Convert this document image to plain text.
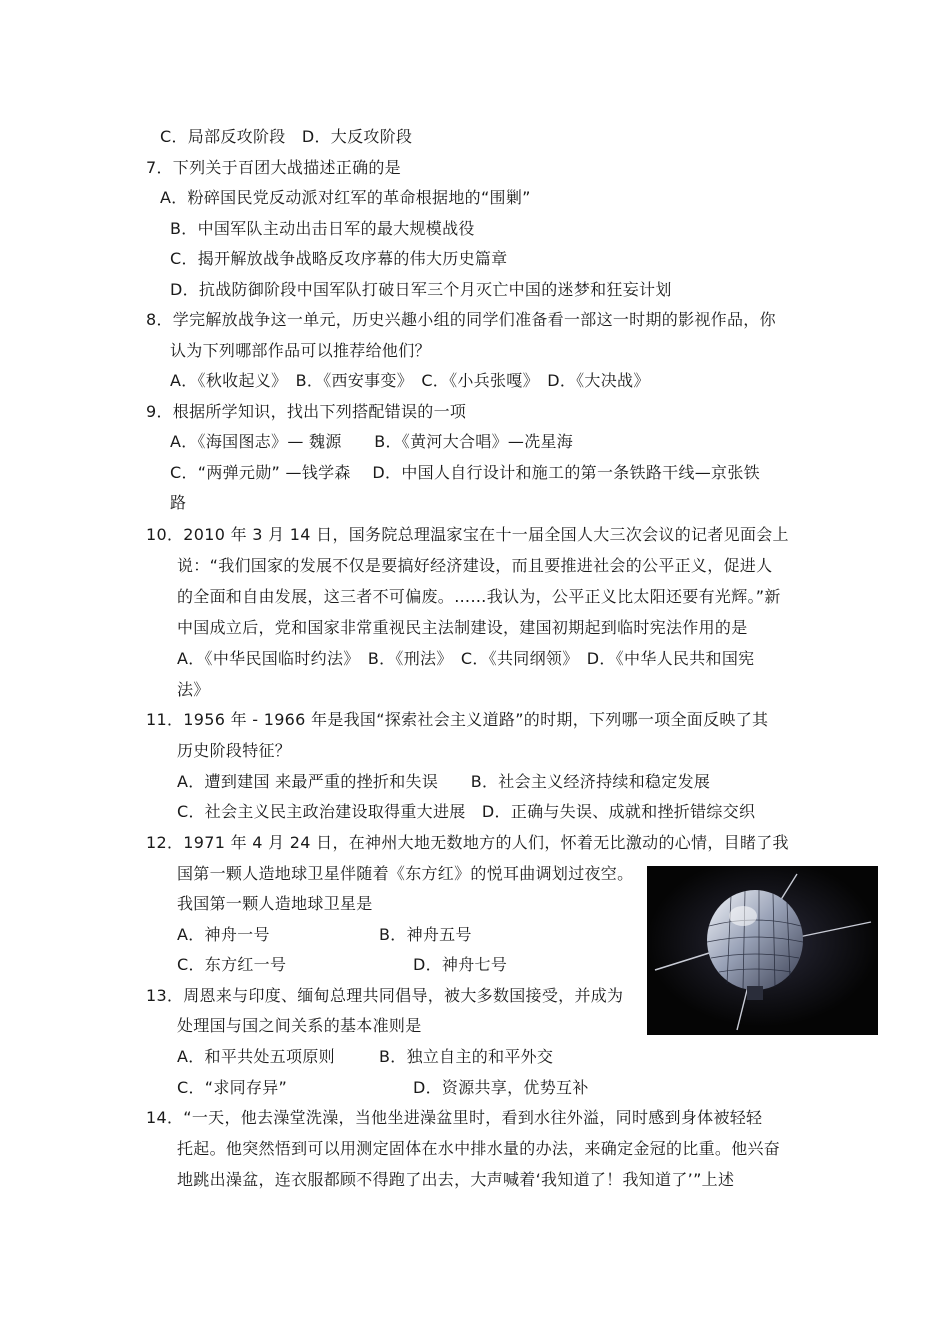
C．局部反攻阶段　D．大反攻阶段
7．下列关于百团大战描述正确的是
A．粉碎国民党反动派对红军的革命根据地的“围剿”
B．中国军队主动出击日军的最大规模战役
C．揭开解放战争战略反攻序幕的伟大历史篇章
D．抗战防御阶段中国军队打破日军三个月灭亡中国的迷梦和狂妄计划
8．学完解放战争这一单元，历史兴趣小组的同学们准备看一部这一时期的影视作品，你
认为下列哪部作品可以推荐给他们？
A．《秋收起义》　B．《西安事变》　C．《小兵张嘎》　D．《大决战》
9．根据所学知识，找出下列搭配错误的一项
A．《海国图志》— 魏源　　B．《黄河大合唱》—冼星海
C．“两弹元勋” —钱学森　 D．中国人自行设计和施工的第一条铁路干线—京张铁
路
10．2010 年 3 月 14 日，国务院总理温家宝在十一届全国人大三次会议的记者见面会上
说：“我们国家的发展不仅是要搞好经济建设，而且要推进社会的公平正义，促进人
的全面和自由发展，这三者不可偏废。……我认为，公平正义比太阳还要有光辉。”新
中国成立后，党和国家非常重视民主法制建设，建国初期起到临时宪法作用的是
A．《中华民国临时约法》　B．《刑法》　C．《共同纲领》　D．《中华人民共和国宪
法》
11．1956 年 - 1966 年是我国“探索社会主义道路”的时期，下列哪一项全面反映了其
历史阶段特征？
A．遭到建国 来最严重的挫折和失误　　B．社会主义经济持续和稳定发展
C．社会主义民主政治建设取得重大进展　D．正确与失误、成就和挫折错综交织
12．1971 年 4 月 24 日，在神州大地无数地方的人们，怀着无比激动的心情，目睹了我
国第一颗人造地球卫星伴随着《东方红》的悦耳曲调划过夜空。
我国第一颗人造地球卫星是
A．神舟一号	B．神舟五号
C．东方红一号	D．神舟七号
13．周恩来与印度、缅甸总理共同倡导，被大多数国接受，并成为
处理国与国之间关系的基本准则是
A．和平共处五项原则	B．独立自主的和平外交
C．“求同存异”	D．资源共享，优势互补
14．“一天，他去澡堂洗澡，当他坐进澡盆里时，看到水往外溢，同时感到身体被轻轻
托起。他突然悟到可以用测定固体在水中排水量的办法，来确定金冠的比重。他兴奋
地跳出澡盆，连衣服都顾不得跑了出去，大声喊着‘我知道了！我知道了’”上述
